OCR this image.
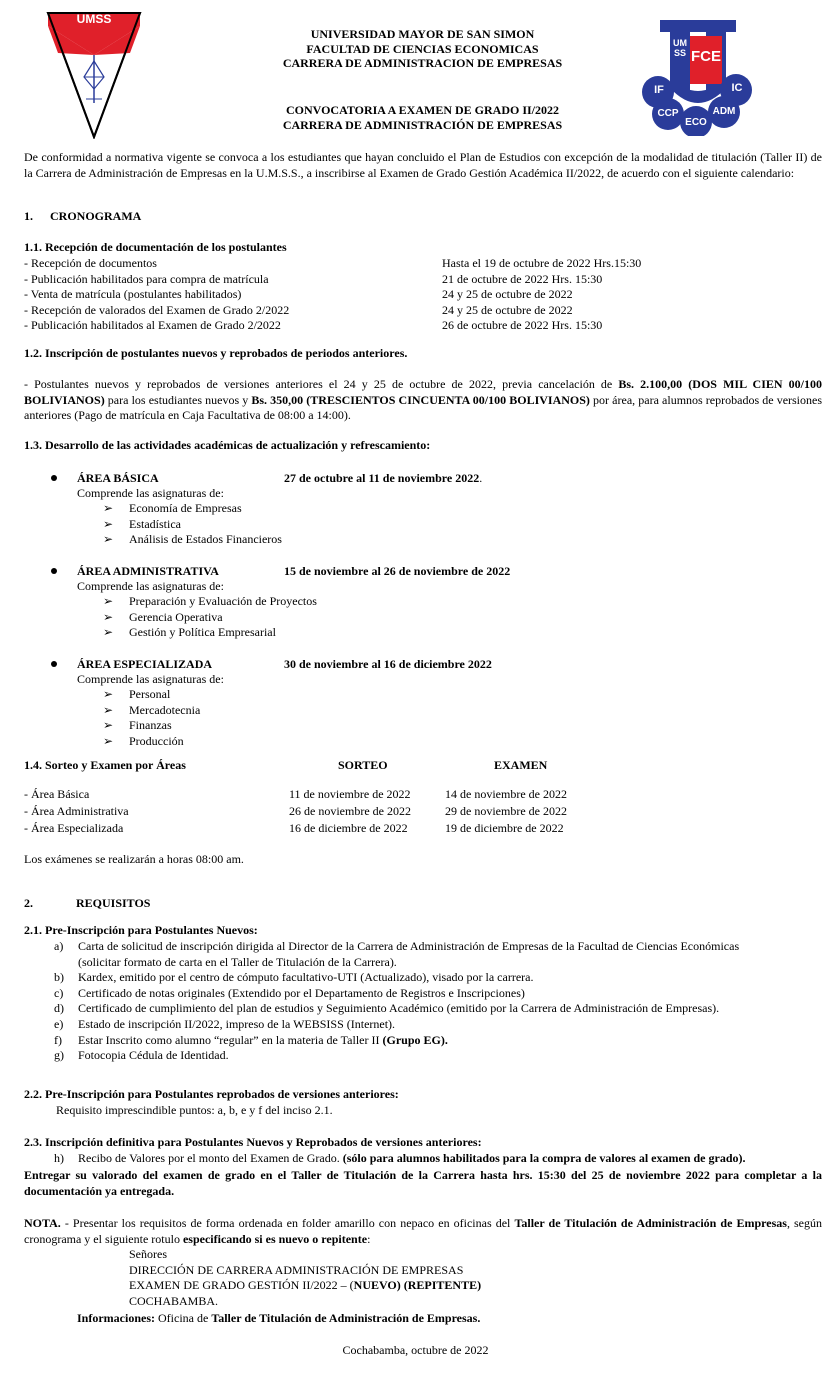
UMSS
UMSS FCE
IF	IC
CCP	ADM
ECO

UNIVERSIDAD MAYOR DE SAN SIMON

FACULTAD DE CIENCIAS ECONOMICAS

CARRERA DE ADMINISTRACION DE EMPRESAS

CONVOCATORIA A EXAMEN DE GRADO II/2022

CARRERA DE ADMINISTRACIÓN DE EMPRESAS

De conformidad a normativa vigente se convoca a los estudiantes que hayan concluido el Plan de Estudios con excepción de la modalidad de titulación (Taller II) de la Carrera de Administración de Empresas en la U.M.S.S., a inscribirse al Examen de Grado Gestión Académica II/2022, de acuerdo con el siguiente calendario:

1. CRONOGRAMA

1.1. Recepción de documentación de los postulantes

- Recepción de documentos	Hasta el 19 de octubre de 2022 Hrs.15:30
- Publicación habilitados para compra de matrícula	21 de octubre de 2022 Hrs. 15:30
- Venta de matrícula (postulantes habilitados)	24 y 25 de octubre de 2022
- Recepción de valorados del Examen de Grado 2/2022	24 y 25 de octubre de 2022
- Publicación habilitados al Examen de Grado 2/2022	26 de octubre de 2022 Hrs. 15:30

1.2. Inscripción de postulantes nuevos y reprobados de periodos anteriores.

- Postulantes nuevos y reprobados de versiones anteriores el 24 y 25 de octubre de 2022, previa cancelación de Bs. 2.100,00 (DOS MIL CIEN 00/100 BOLIVIANOS) para los estudiantes nuevos y Bs. 350,00 (TRESCIENTOS CINCUENTA 00/100 BOLIVIANOS) por área, para alumnos reprobados de versiones anteriores (Pago de matrícula en Caja Facultativa de 08:00 a 14:00).

1.3. Desarrollo de las actividades académicas de actualización y refrescamiento:

ÁREA BÁSICA	27 de octubre al 11 de noviembre 2022.
Comprende las asignaturas de:
➢ Economía de Empresas
➢ Estadística
➢ Análisis de Estados Financieros
ÁREA ADMINISTRATIVA	15 de noviembre al 26 de noviembre de 2022
Comprende las asignaturas de:
➢ Preparación y Evaluación de Proyectos
➢ Gerencia Operativa
➢ Gestión y Política Empresarial
ÁREA ESPECIALIZADA	30 de noviembre al 16 de diciembre 2022
Comprende las asignaturas de:
➢ Personal
➢ Mercadotecnia
➢ Finanzas
➢ Producción
1.4. Sorteo y Examen por Áreas	SORTEO	EXAMEN
- Área Básica	11 de noviembre de 2022	14 de noviembre de 2022
- Área Administrativa	26 de noviembre de 2022	29 de noviembre de 2022
- Área Especializada	16 de diciembre de 2022	19 de diciembre de 2022

Los exámenes se realizarán a horas 08:00 am.

2.	REQUISITOS

2.1. Pre-Inscripción para Postulantes Nuevos:

a) Carta de solicitud de inscripción dirigida al Director de la Carrera de Administración de Empresas de la Facultad de Ciencias Económicas
(solicitar formato de carta en el Taller de Titulación de la Carrera).
b) Kardex, emitido por el centro de cómputo facultativo-UTI (Actualizado), visado por la carrera.
c) Certificado de notas originales (Extendido por el Departamento de Registros e Inscripciones)
d) Certificado de cumplimiento del plan de estudios y Seguimiento Académico (emitido por la Carrera de Administración de Empresas).
e) Estado de inscripción II/2022, impreso de la WEBSISS (Internet).
f) Estar Inscrito como alumno “regular” en la materia de Taller II (Grupo EG).
g) Fotocopia Cédula de Identidad.

2.2. Pre-Inscripción para Postulantes reprobados de versiones anteriores:

Requisito imprescindible puntos: a, b, e y f del inciso 2.1.

2.3. Inscripción definitiva para Postulantes Nuevos y Reprobados de versiones anteriores:

h) Recibo de Valores por el monto del Examen de Grado. (sólo para alumnos habilitados para la compra de valores al examen de grado).

Entregar su valorado del examen de grado en el Taller de Titulación de la Carrera hasta hrs. 15:30 del 25 de noviembre 2022 para completar a la documentación ya entregada.

NOTA. - Presentar los requisitos de forma ordenada en folder amarillo con nepaco en oficinas del Taller de Titulación de Administración de Empresas, según cronograma y el siguiente rotulo especificando si es nuevo o repitente:

Señores

DIRECCIÓN DE CARRERA ADMINISTRACIÓN DE EMPRESAS

EXAMEN DE GRADO GESTIÓN II/2022 – (NUEVO) (REPITENTE)

COCHABAMBA.

Informaciones: Oficina de Taller de Titulación de Administración de Empresas.

Cochabamba, octubre de 2022
